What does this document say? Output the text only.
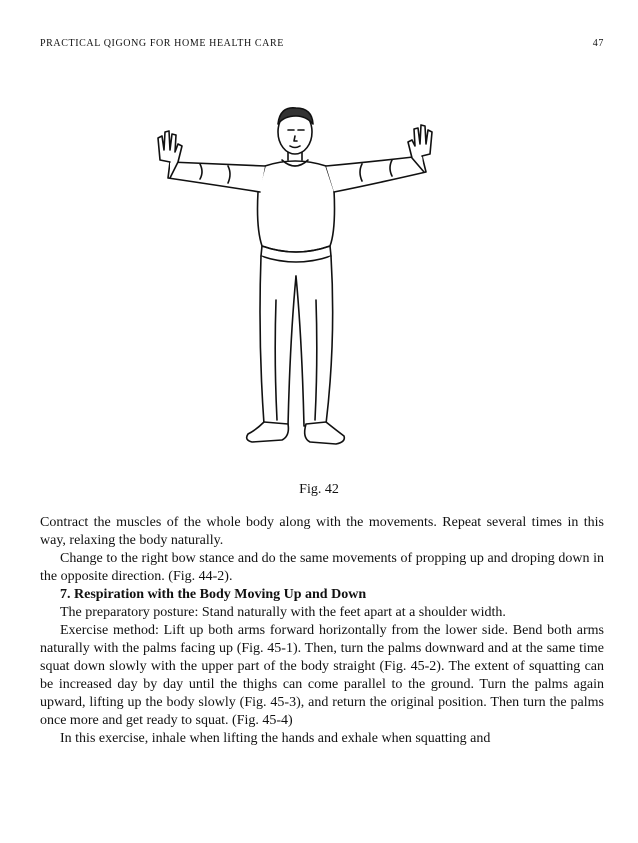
PRACTICAL QIGONG FOR HOME HEALTH CARE	47
Fig. 42

Contract the muscles of the whole body along with the movements. Repeat several times in this way, relaxing the body naturally.

Change to the right bow stance and do the same movements of propping up and droping down in the opposite direction. (Fig. 44-2).

7. Respiration with the Body Moving Up and Down

The preparatory posture: Stand naturally with the feet apart at a shoulder width.

Exercise method: Lift up both arms forward horizontally from the lower side. Bend both arms naturally with the palms facing up (Fig. 45-1). Then, turn the palms downward and at the same time squat down slowly with the upper part of the body straight (Fig. 45-2). The extent of squatting can be increased day by day until the thighs can come parallel to the ground. Turn the palms again upward, lifting up the body slowly (Fig. 45-3), and return the original position. Then turn the palms once more and get ready to squat. (Fig. 45-4)

In this exercise, inhale when lifting the hands and exhale when squatting and
